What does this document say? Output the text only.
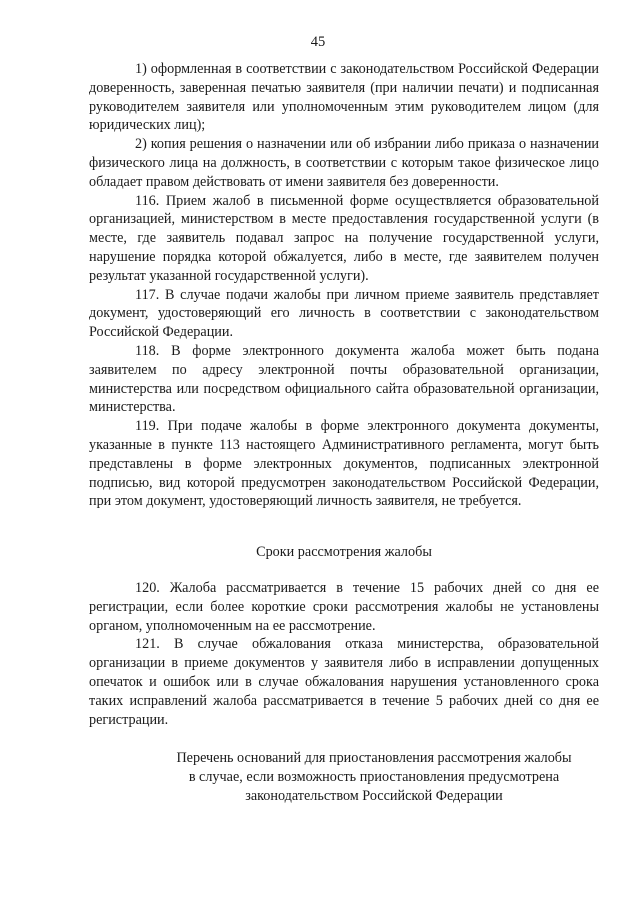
45

1) оформленная в соответствии с законодательством Российской Федерации доверенность, заверенная печатью заявителя (при наличии печати) и подписанная руководителем заявителя или уполномоченным этим руководителем лицом (для юридических лиц);

2) копия решения о назначении или об избрании либо приказа о назначении физического лица на должность, в соответствии с которым такое физическое лицо обладает правом действовать от имени заявителя без доверенности.

116. Прием жалоб в письменной форме осуществляется образовательной организацией, министерством в месте предоставления государственной услуги (в месте, где заявитель подавал запрос на получение государственной услуги, нарушение порядка которой обжалуется, либо в месте, где заявителем получен результат указанной государственной услуги).

117. В случае подачи жалобы при личном приеме заявитель представляет документ, удостоверяющий его личность в соответствии с законодательством Российской Федерации.

118. В форме электронного документа жалоба может быть подана заявителем по адресу электронной почты образовательной организации, министерства или посредством официального сайта образовательной организации, министерства.

119. При подаче жалобы в форме электронного документа документы, указанные в пункте 113 настоящего Административного регламента, могут быть представлены в форме электронных документов, подписанных электронной подписью, вид которой предусмотрен законодательством Российской Федерации, при этом документ, удостоверяющий личность заявителя, не требуется.

Сроки рассмотрения жалобы

120. Жалоба рассматривается в течение 15 рабочих дней со дня ее регистрации, если более короткие сроки рассмотрения жалобы не установлены органом, уполномоченным на ее рассмотрение.

121. В случае обжалования отказа министерства, образовательной организации в приеме документов у заявителя либо в исправлении допущенных опечаток и ошибок или в случае обжалования нарушения установленного срока таких исправлений жалоба рассматривается в течение 5 рабочих дней со дня ее регистрации.

Перечень оснований для приостановления рассмотрения жалобы
в случае, если возможность приостановления предусмотрена
законодательством Российской Федерации
